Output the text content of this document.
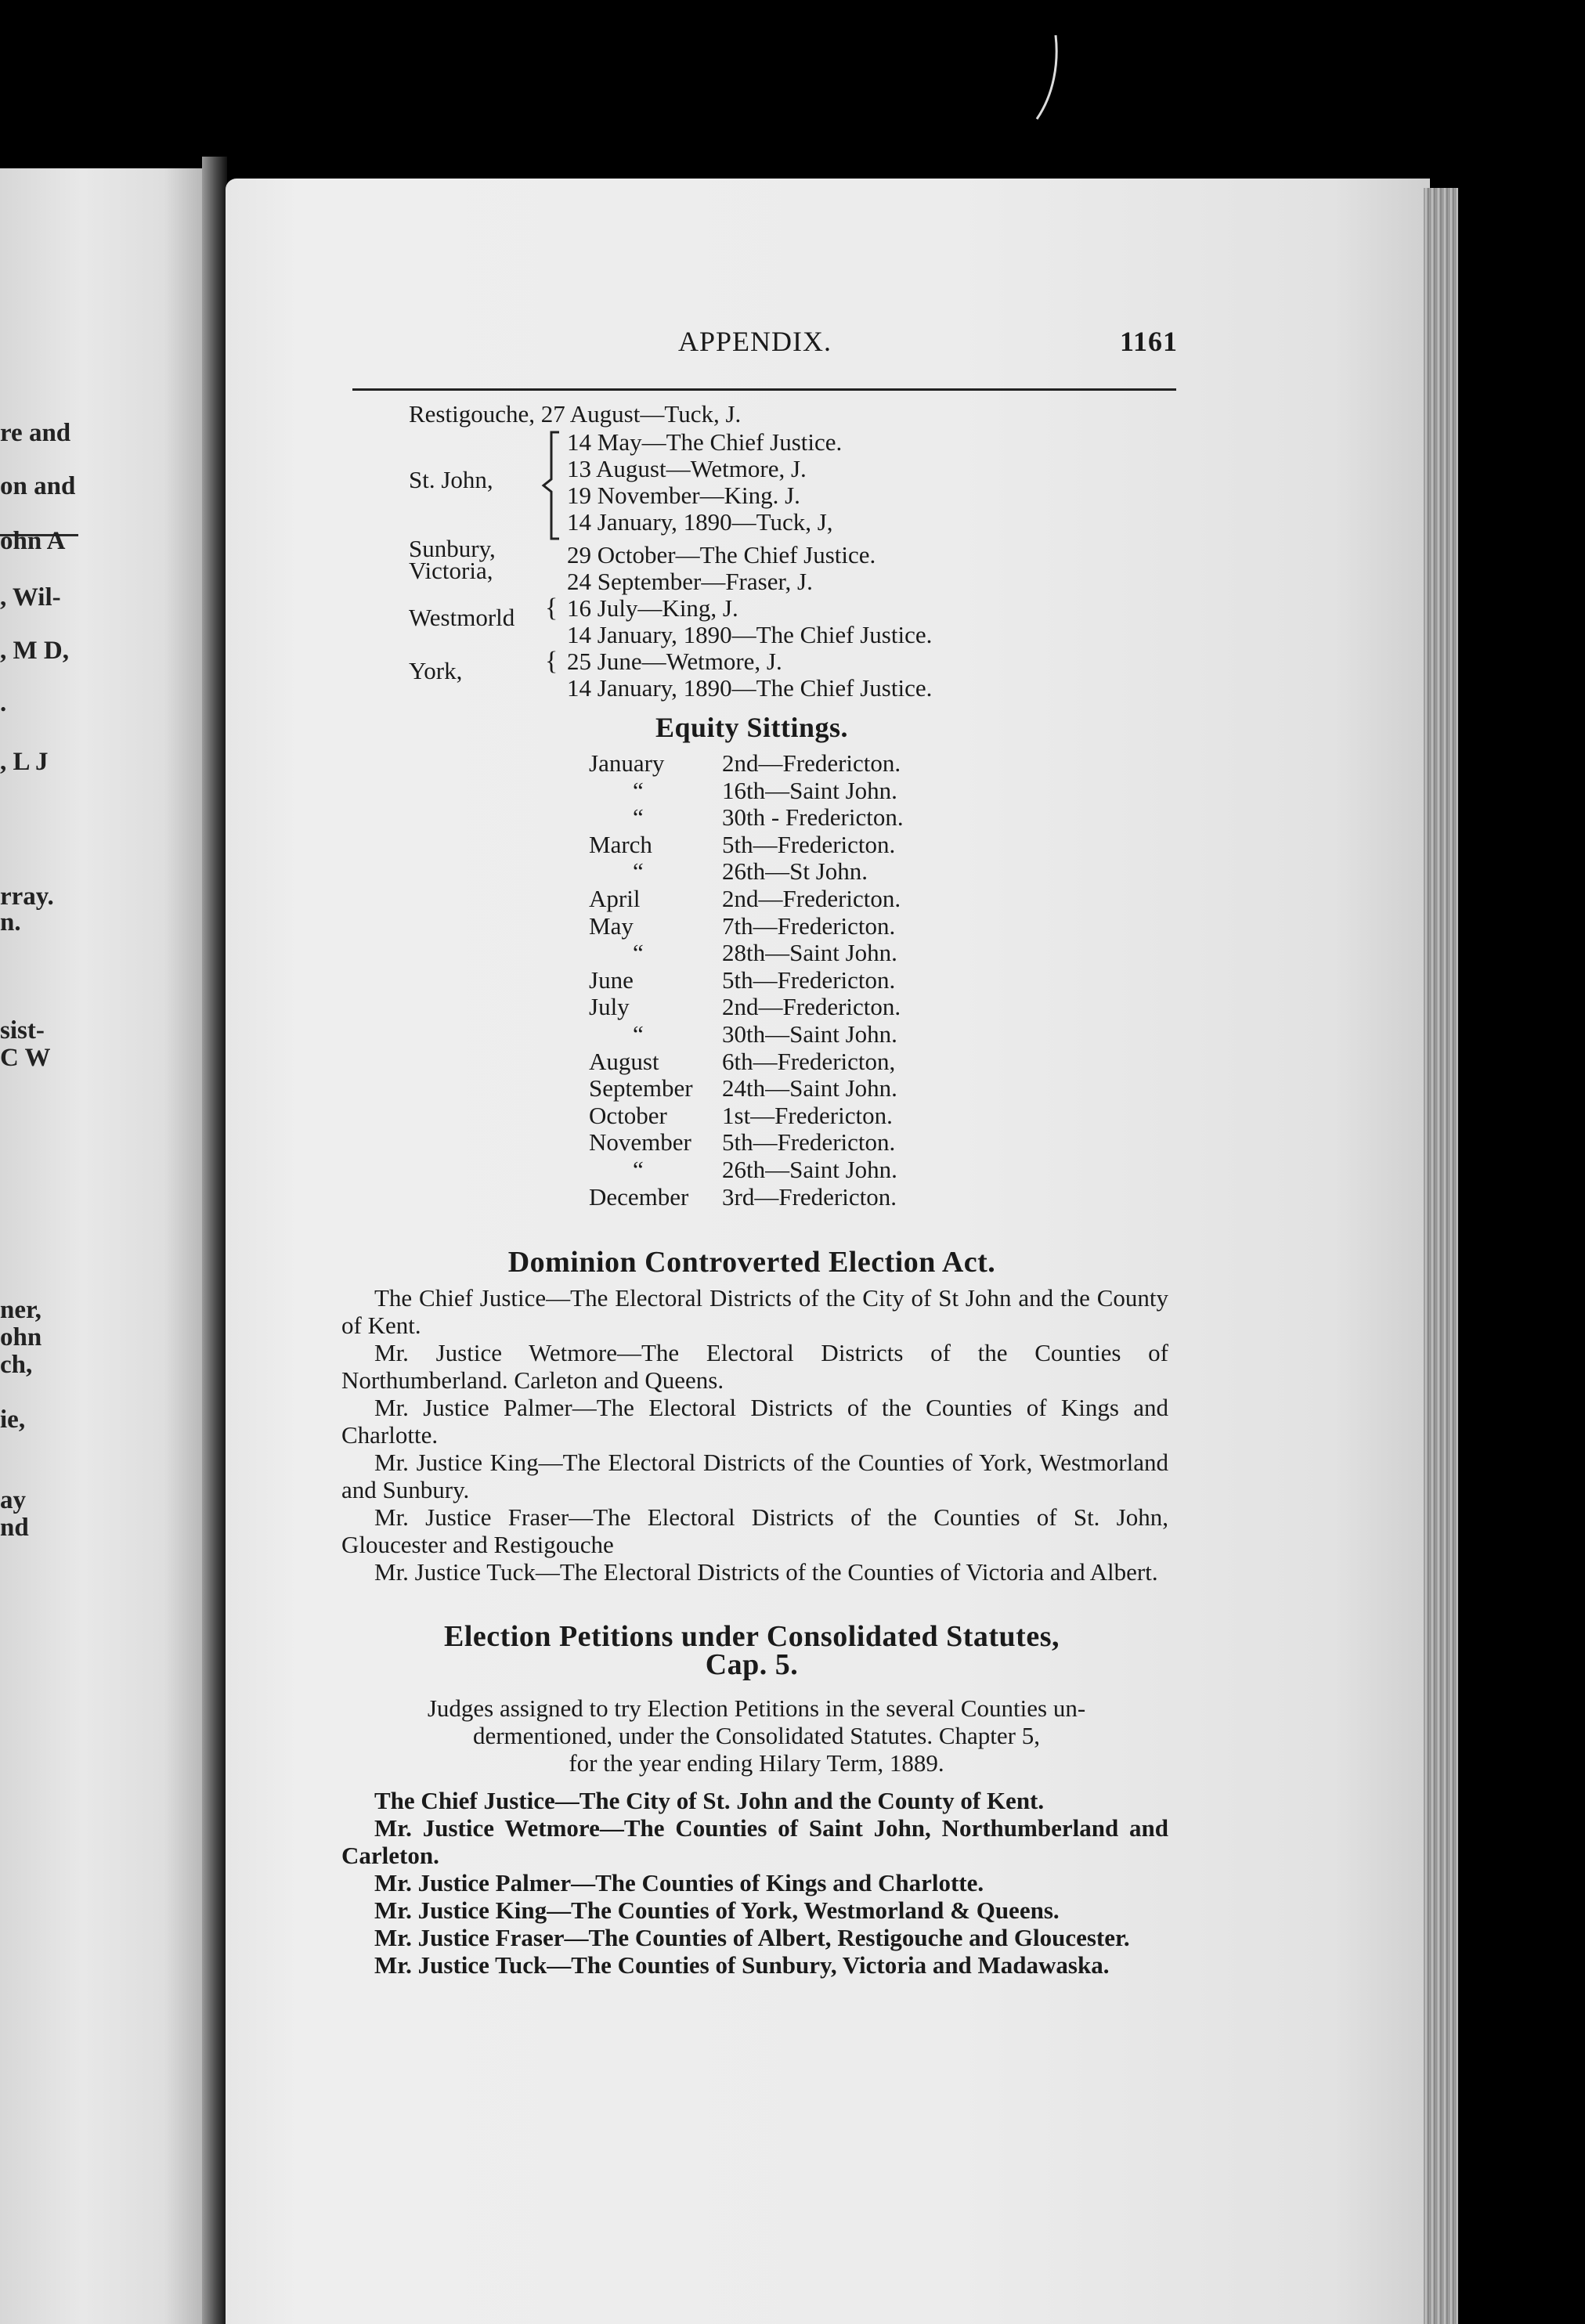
re and
on and
ohn A
, Wil-
, M D,
.
, L J
rray.
n.
sist-
C W
ner,
ohn
ch,
ie,
ay
nd
APPENDIX.	1161
Restigouche, 27 August—Tuck, J.
St. John,
14 May—The Chief Justice.
13 August—Wetmore, J.
19 November—King. J.
14 January, 1890—Tuck, J,
Sunbury,	29 October—The Chief Justice.
Victoria,	24 September—Fraser, J.
Westmorld { 16 July—King, J.
14 January, 1890—The Chief Justice.
York,	{ 25 June—Wetmore, J.
14 January, 1890—The Chief Justice.
Equity Sittings.
January 2nd—Fredericton.
“	16th—Saint John.
“	30th - Fredericton.
March	5th—Fredericton.
“	26th—St John.
April	2nd—Fredericton.
May	7th—Fredericton.
“	28th—Saint John.
June	5th—Fredericton.
July	2nd—Fredericton.
“	30th—Saint John.
August	6th—Fredericton,
September 24th—Saint John.
October 1st—Fredericton.
November 5th—Fredericton.
“	26th—Saint John.
December 3rd—Fredericton.
Dominion Controverted Election Act.

The Chief Justice—The Electoral Districts of the City of St John and the County of Kent.

Mr. Justice Wetmore—The Electoral Districts of the Counties of Northumberland. Carleton and Queens.

Mr. Justice Palmer—The Electoral Districts of the Counties of Kings and Charlotte.

Mr. Justice King—The Electoral Districts of the Counties of York, Westmorland and Sunbury.

Mr. Justice Fraser—The Electoral Districts of the Counties of St. John, Gloucester and Restigouche

Mr. Justice Tuck—The Electoral Districts of the Counties of Victoria and Albert.

Election Petitions under Consolidated Statutes,
Cap. 5.
Judges assigned to try Election Petitions in the several Counties un-
dermentioned, under the Consolidated Statutes. Chapter 5,
for the year ending Hilary Term, 1889.

The Chief Justice—The City of St. John and the County of Kent.

Mr. Justice Wetmore—The Counties of Saint John, Northumberland and Carleton.

Mr. Justice Palmer—The Counties of Kings and Charlotte.

Mr. Justice King—The Counties of York, Westmorland & Queens.

Mr. Justice Fraser—The Counties of Albert, Restigouche and Gloucester.

Mr. Justice Tuck—The Counties of Sunbury, Victoria and Madawaska.
